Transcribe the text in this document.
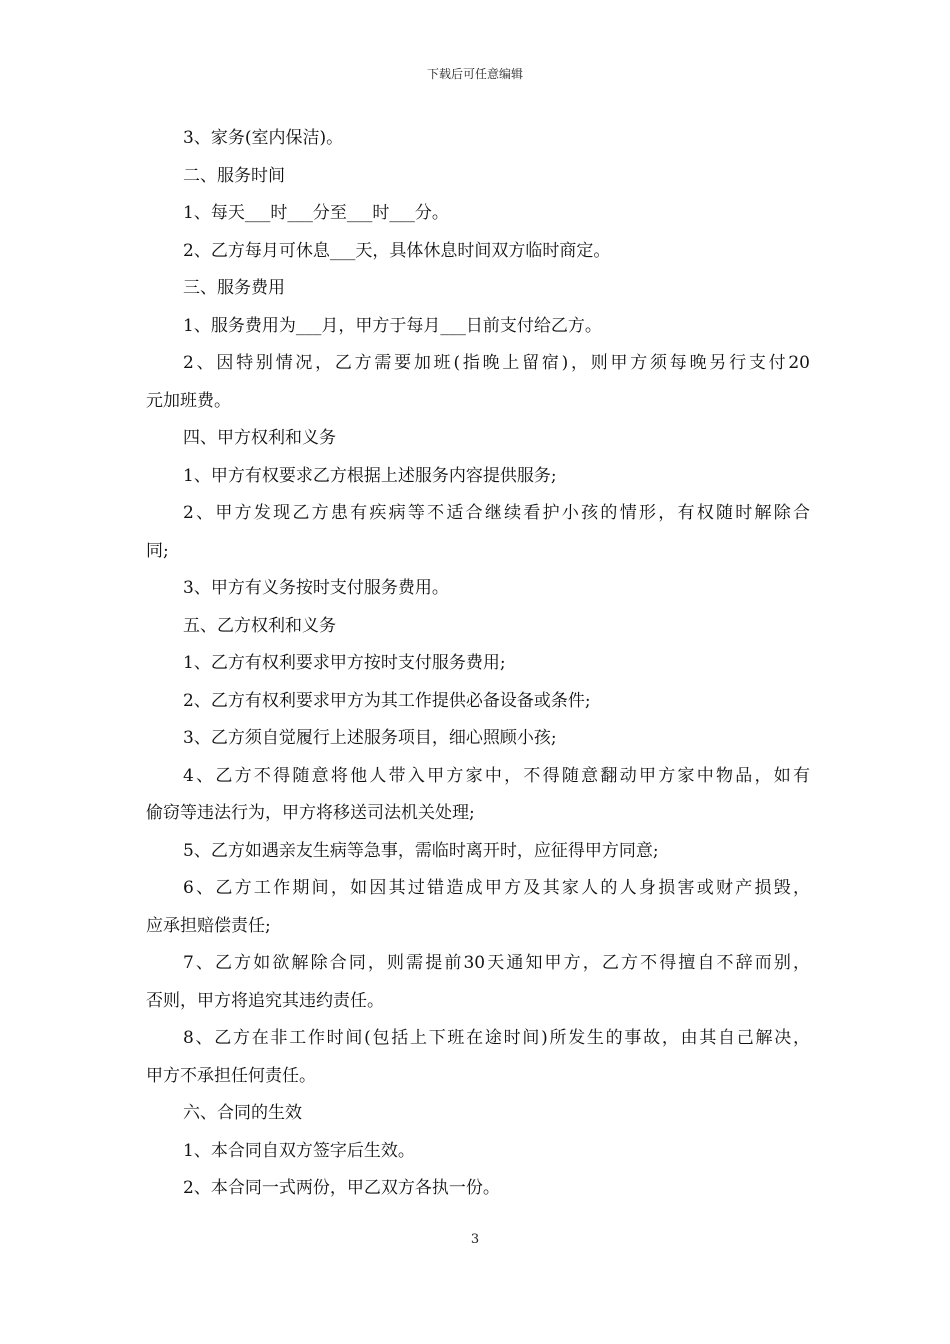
下载后可任意编辑
3、家务(室内保洁)。
二、服务时间
1、每天___时___分至___时___分。
2、乙方每月可休息___天，具体休息时间双方临时商定。
三、服务费用
1、服务费用为___月，甲方于每月___日前支付给乙方。
2、因特别情况，乙方需要加班(指晚上留宿)，则甲方须每晚另行支付20
元加班费。
四、甲方权利和义务
1、甲方有权要求乙方根据上述服务内容提供服务;
2、甲方发现乙方患有疾病等不适合继续看护小孩的情形，有权随时解除合
同;
3、甲方有义务按时支付服务费用。
五、乙方权利和义务
1、乙方有权利要求甲方按时支付服务费用;
2、乙方有权利要求甲方为其工作提供必备设备或条件;
3、乙方须自觉履行上述服务项目，细心照顾小孩;
4、乙方不得随意将他人带入甲方家中，不得随意翻动甲方家中物品，如有
偷窃等违法行为，甲方将移送司法机关处理;
5、乙方如遇亲友生病等急事，需临时离开时，应征得甲方同意;
6、乙方工作期间，如因其过错造成甲方及其家人的人身损害或财产损毁，
应承担赔偿责任;
7、乙方如欲解除合同，则需提前30天通知甲方，乙方不得擅自不辞而别，
否则，甲方将追究其违约责任。
8、乙方在非工作时间(包括上下班在途时间)所发生的事故，由其自己解决，
甲方不承担任何责任。
六、合同的生效
1、本合同自双方签字后生效。
2、本合同一式两份，甲乙双方各执一份。
3
